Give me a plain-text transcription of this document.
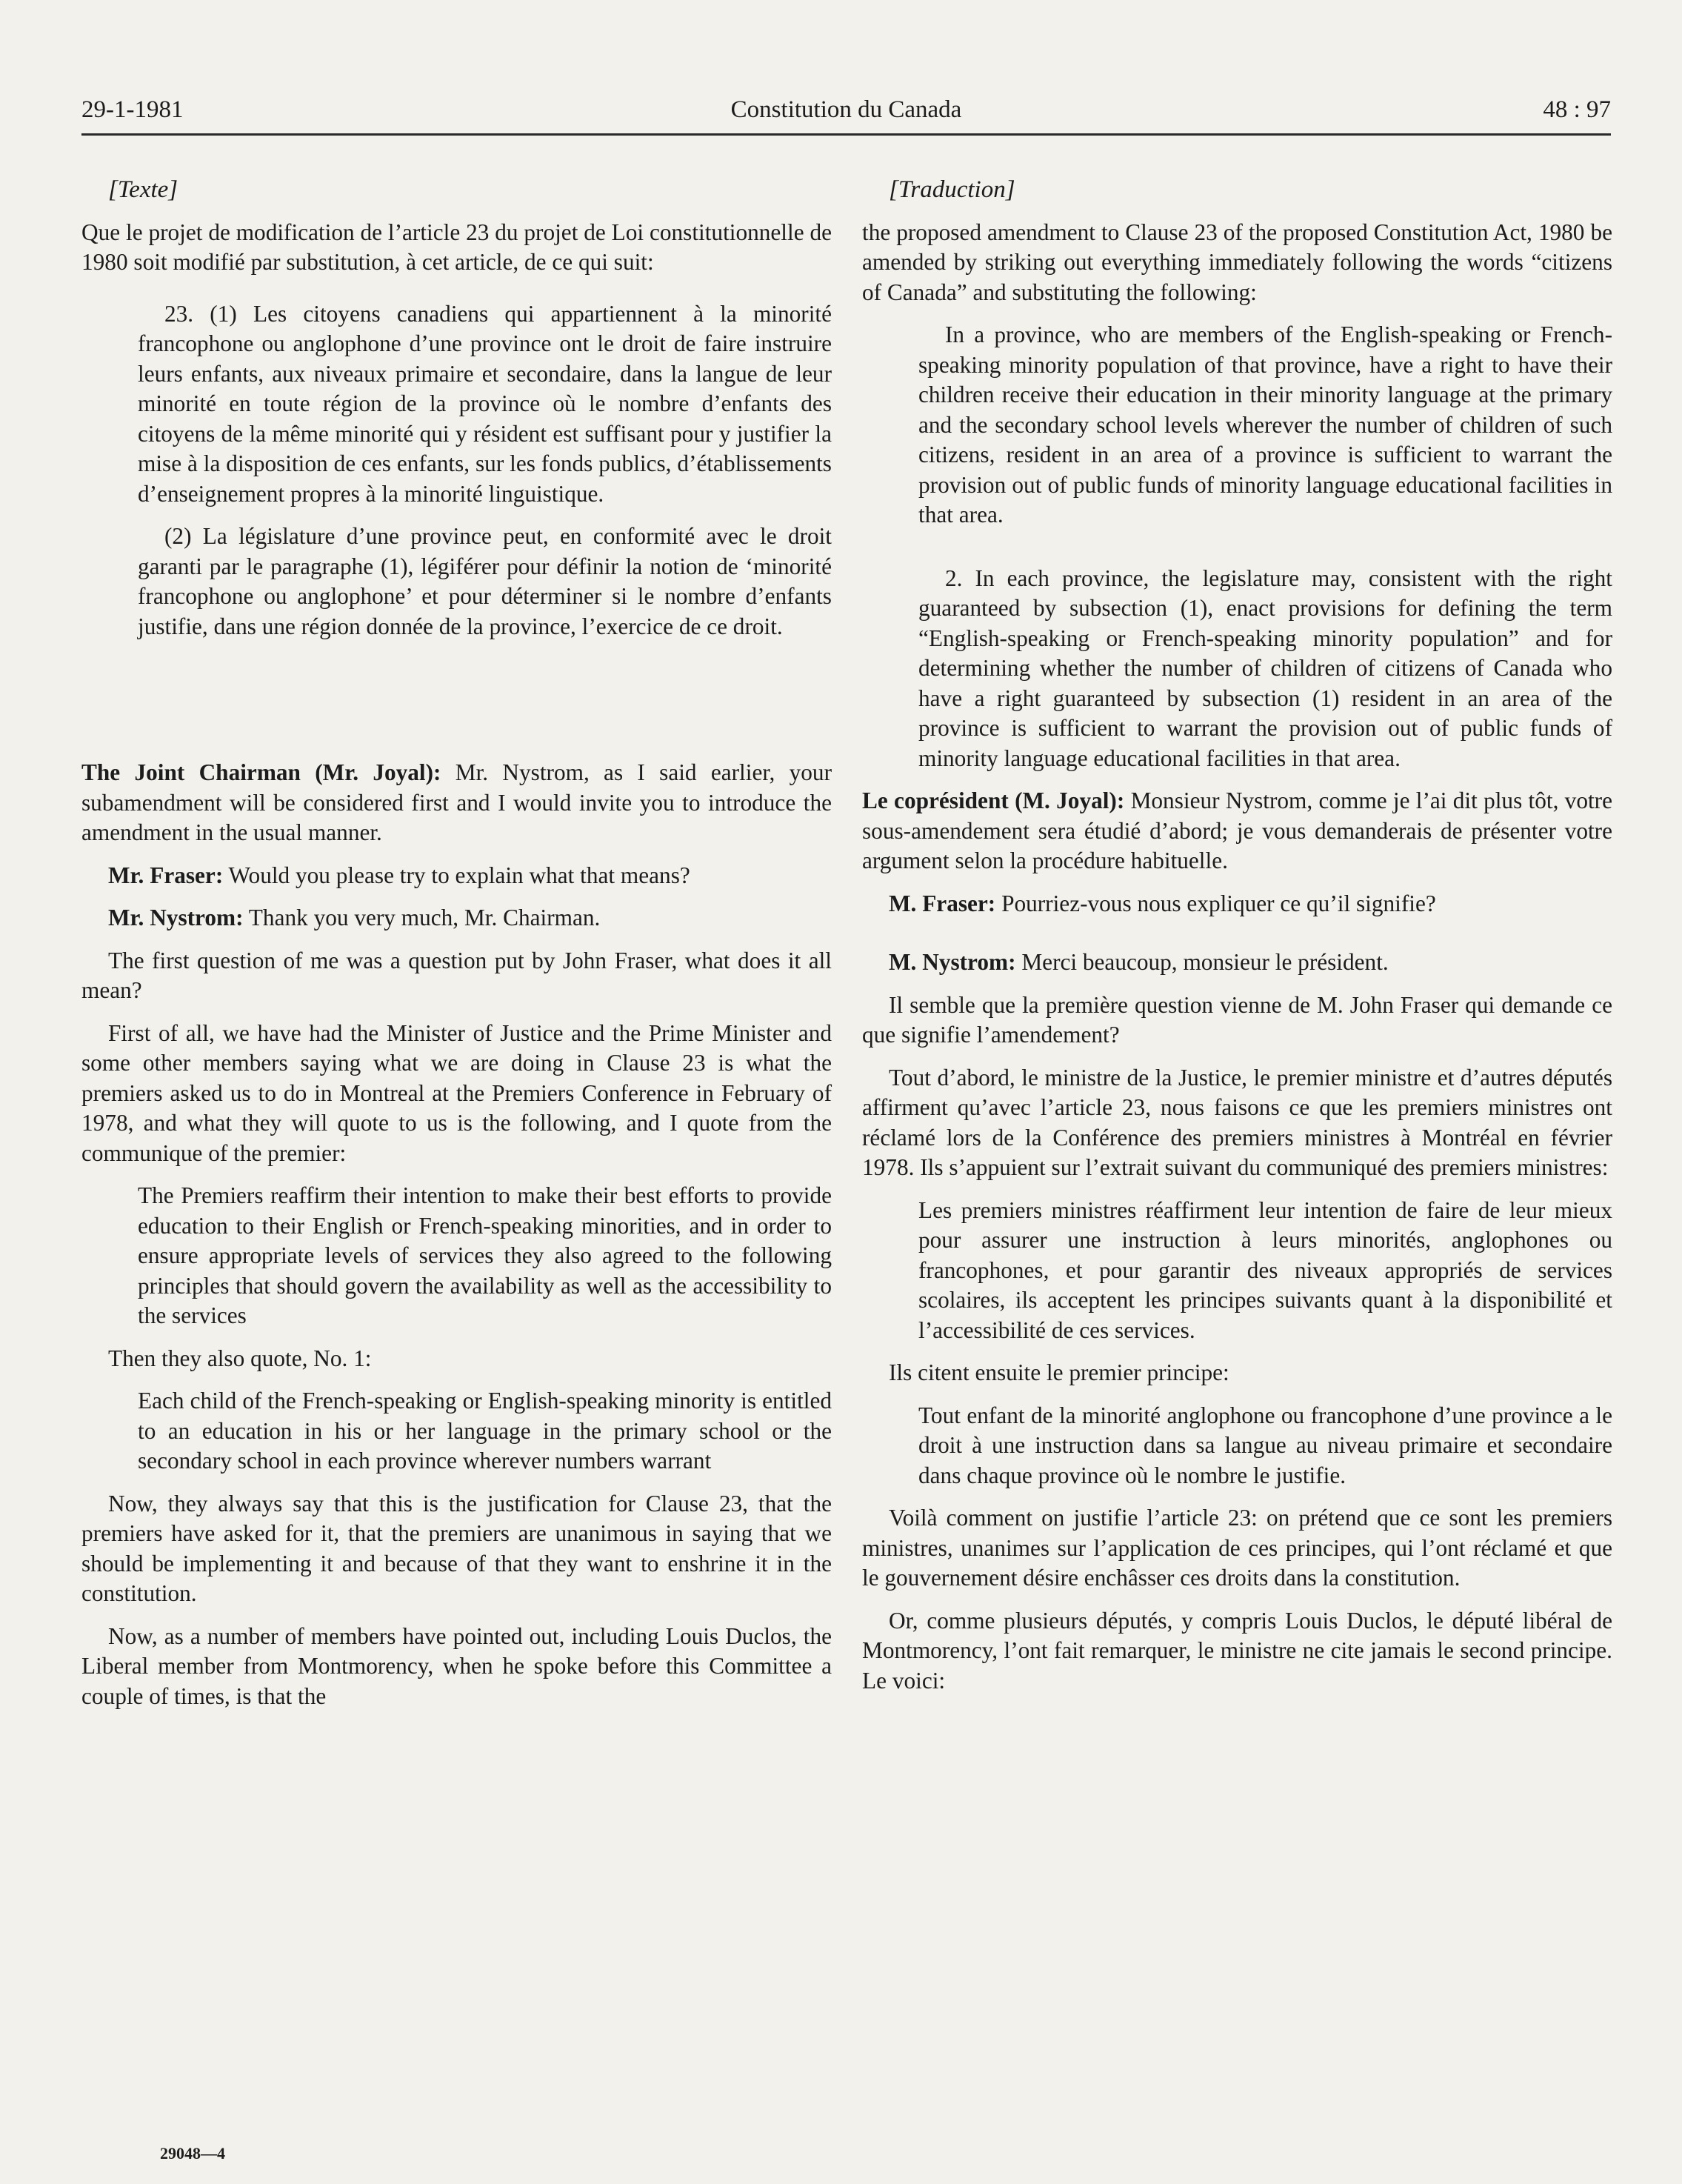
29-1-1981	Constitution du Canada	48 : 97

[Texte]

Que le projet de modification de l’article 23 du projet de Loi constitutionnelle de 1980 soit modifié par substitution, à cet article, de ce qui suit:

23. (1) Les citoyens canadiens qui appartiennent à la minorité francophone ou anglophone d’une province ont le droit de faire instruire leurs enfants, aux niveaux primaire et secondaire, dans la langue de leur minorité en toute région de la province où le nombre d’enfants des citoyens de la même minorité qui y résident est suffisant pour y justifier la mise à la disposition de ces enfants, sur les fonds publics, d’établissements d’enseignement propres à la minorité linguistique.

(2) La législature d’une province peut, en conformité avec le droit garanti par le paragraphe (1), légiférer pour définir la notion de ‘minorité francophone ou anglophone’ et pour déterminer si le nombre d’enfants justifie, dans une région donnée de la province, l’exercice de ce droit.

The Joint Chairman (Mr. Joyal): Mr. Nystrom, as I said earlier, your subamendment will be considered first and I would invite you to introduce the amendment in the usual manner.

Mr. Fraser: Would you please try to explain what that means?

Mr. Nystrom: Thank you very much, Mr. Chairman.

The first question of me was a question put by John Fraser, what does it all mean?

First of all, we have had the Minister of Justice and the Prime Minister and some other members saying what we are doing in Clause 23 is what the premiers asked us to do in Montreal at the Premiers Conference in February of 1978, and what they will quote to us is the following, and I quote from the communique of the premier:

The Premiers reaffirm their intention to make their best efforts to provide education to their English or French-speaking minorities, and in order to ensure appropriate levels of services they also agreed to the following principles that should govern the availability as well as the accessibility to the services

Then they also quote, No. 1:

Each child of the French-speaking or English-speaking minority is entitled to an education in his or her language in the primary school or the secondary school in each province wherever numbers warrant

Now, they always say that this is the justification for Clause 23, that the premiers have asked for it, that the premiers are unanimous in saying that we should be implementing it and because of that they want to enshrine it in the constitution.

Now, as a number of members have pointed out, including Louis Duclos, the Liberal member from Montmorency, when he spoke before this Committee a couple of times, is that the

[Traduction]

the proposed amendment to Clause 23 of the proposed Constitution Act, 1980 be amended by striking out everything immediately following the words “citizens of Canada” and substituting the following:

In a province, who are members of the English-speaking or French-speaking minority population of that province, have a right to have their children receive their education in their minority language at the primary and the secondary school levels wherever the number of children of such citizens, resident in an area of a province is sufficient to warrant the provision out of public funds of minority language educational facilities in that area.

2. In each province, the legislature may, consistent with the right guaranteed by subsection (1), enact provisions for defining the term “English-speaking or French-speaking minority population” and for determining whether the number of children of citizens of Canada who have a right guaranteed by subsection (1) resident in an area of the province is sufficient to warrant the provision out of public funds of minority language educational facilities in that area.

Le coprésident (M. Joyal): Monsieur Nystrom, comme je l’ai dit plus tôt, votre sous-amendement sera étudié d’abord; je vous demanderais de présenter votre argument selon la procédure habituelle.

M. Fraser: Pourriez-vous nous expliquer ce qu’il signifie?

M. Nystrom: Merci beaucoup, monsieur le président.

Il semble que la première question vienne de M. John Fraser qui demande ce que signifie l’amendement?

Tout d’abord, le ministre de la Justice, le premier ministre et d’autres députés affirment qu’avec l’article 23, nous faisons ce que les premiers ministres ont réclamé lors de la Conférence des premiers ministres à Montréal en février 1978. Ils s’appuient sur l’extrait suivant du communiqué des premiers ministres:

Les premiers ministres réaffirment leur intention de faire de leur mieux pour assurer une instruction à leurs minorités, anglophones ou francophones, et pour garantir des niveaux appropriés de services scolaires, ils acceptent les principes suivants quant à la disponibilité et l’accessibilité de ces services.

Ils citent ensuite le premier principe:

Tout enfant de la minorité anglophone ou francophone d’une province a le droit à une instruction dans sa langue au niveau primaire et secondaire dans chaque province où le nombre le justifie.

Voilà comment on justifie l’article 23: on prétend que ce sont les premiers ministres, unanimes sur l’application de ces principes, qui l’ont réclamé et que le gouvernement désire enchâsser ces droits dans la constitution.

Or, comme plusieurs députés, y compris Louis Duclos, le député libéral de Montmorency, l’ont fait remarquer, le ministre ne cite jamais le second principe. Le voici:

29048—4
